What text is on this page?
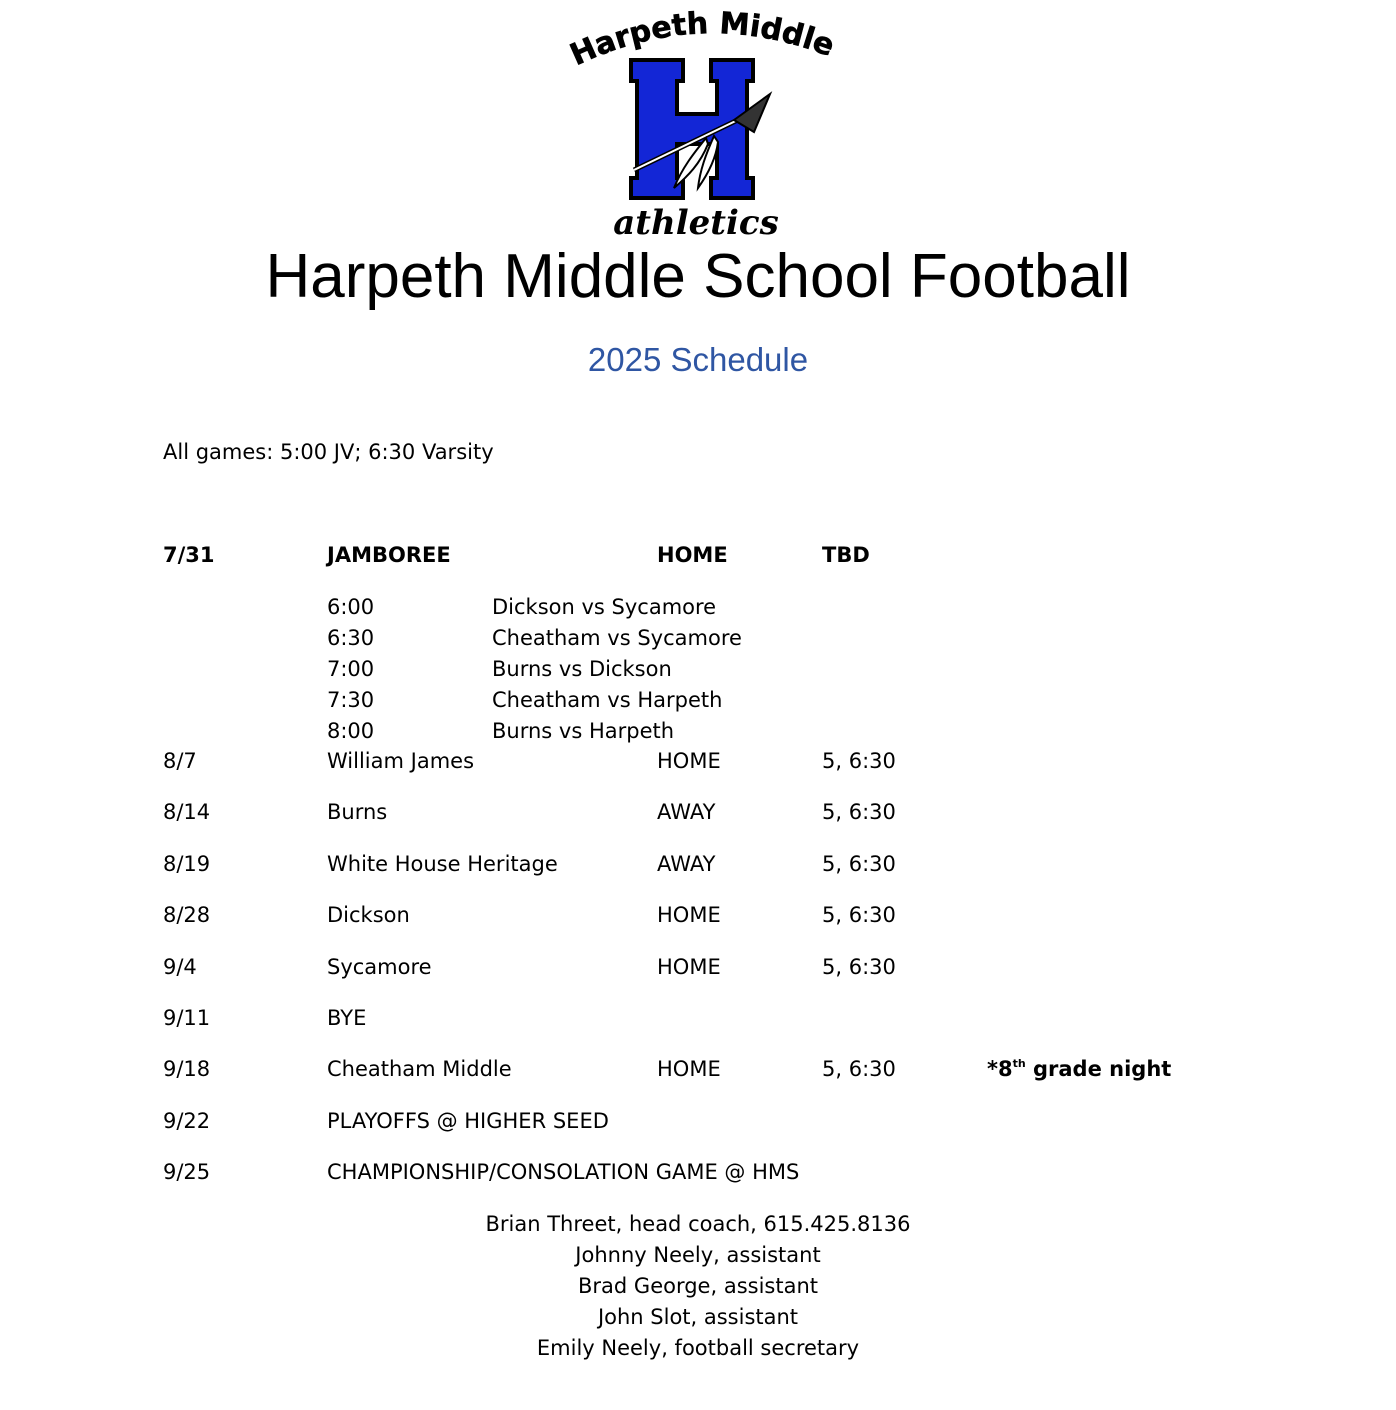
Harpeth Middle
athletics
Harpeth Middle School Football
2025 Schedule
All games: 5:00 JV; 6:30 Varsity
7/31	JAMBOREE	HOME	TBD
6:00	Dickson vs Sycamore
6:30	Cheatham vs Sycamore
7:00	Burns vs Dickson
7:30	Cheatham vs Harpeth
8:00	Burns vs Harpeth
8/7	William James	HOME	5, 6:30
8/14	Burns	AWAY	5, 6:30
8/19	White House Heritage	AWAY	5, 6:30
8/28	Dickson	HOME	5, 6:30
9/4	Sycamore	HOME	5, 6:30
9/11	BYE
9/18	Cheatham Middle	HOME	5, 6:30	*8th grade night
9/22	PLAYOFFS @ HIGHER SEED
9/25	CHAMPIONSHIP/CONSOLATION GAME @ HMS
Brian Threet, head coach, 615.425.8136
Johnny Neely, assistant
Brad George, assistant
John Slot, assistant
Emily Neely, football secretary
